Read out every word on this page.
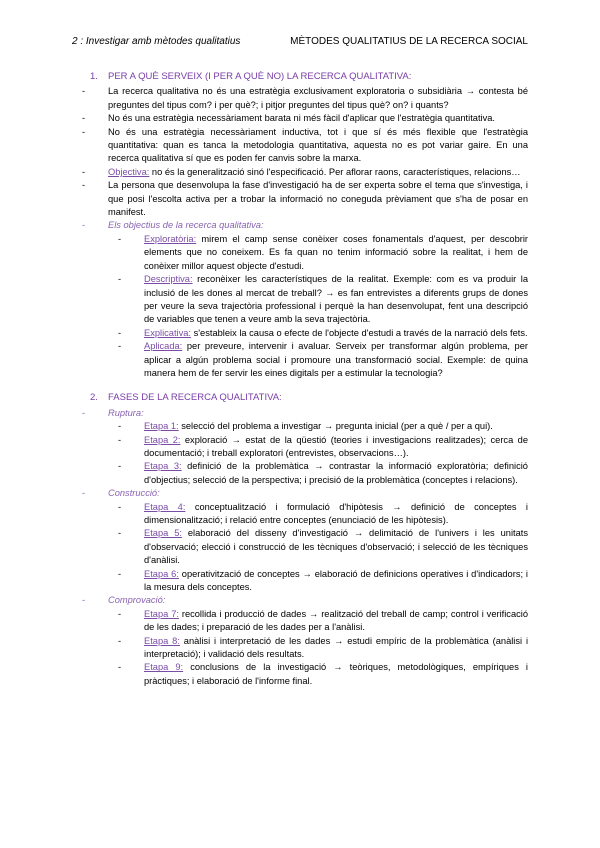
2 : Investigar amb mètodes qualitatius	MÈTODES QUALITATIUS DE LA RECERCA SOCIAL
1.	PER A QUÈ SERVEIX (I PER A QUÈ NO) LA RECERCA QUALITATIVA:
-	La recerca qualitativa no és una estratègia exclusivament exploratoria o subsidiària → contesta bé preguntes del tipus com? i per què?; i pitjor preguntes del tipus què? on? i quants?
-	No és una estratègia necessàriament barata ni més fàcil d'aplicar que l'estratègia quantitativa.
-	No és una estratègia necessàriament inductiva, tot i que sí és més flexible que l'estratègia quantitativa: quan es tanca la metodologia quantitativa, aquesta no es pot variar gaire. En una recerca qualitativa sí que es poden fer canvis sobre la marxa.
-	Objectiva: no és la generalització sinó l'especificació. Per aflorar raons, característiques, relacions…
-	La persona que desenvolupa la fase d'investigació ha de ser experta sobre el tema que s'investiga, i que posi l'escolta activa per a trobar la informació no coneguda prèviament que s'ha de posar en manifest.
-	Els objectius de la recerca qualitativa:
-	Exploratòria: mirem el camp sense conèixer coses fonamentals d'aquest, per descobrir elements que no coneixem. Es fa quan no tenim informació sobre la realitat, i hem de conèixer millor aquest objecte d'estudi.
-	Descriptiva: reconèixer les característiques de la realitat. Exemple: com es va produir la inclusió de les dones al mercat de treball? → es fan entrevistes a diferents grups de dones per veure la seva trajectòria professional i perquè la han desenvolupat, fent una descripció de variables que tenen a veure amb la seva trajectòria.
-	Explicativa: s'estableix la causa o efecte de l'objecte d'estudi a través de la narració dels fets.
-	Aplicada: per preveure, intervenir i avaluar. Serveix per transformar algún problema, per aplicar a algún problema social i promoure una transformació social. Exemple: de quina manera hem de fer servir les eines digitals per a estimular la tecnologia?
2.	FASES DE LA RECERCA QUALITATIVA:
-	Ruptura:
-	Etapa 1: selecció del problema a investigar → pregunta inicial (per a què / per a qui).
-	Etapa 2: exploració → estat de la qüestió (teories i investigacions realitzades); cerca de documentació; i treball exploratori (entrevistes, observacions…).
-	Etapa 3: definició de la problemàtica → contrastar la informació exploratòria; definició d'objectius; selecció de la perspectiva; i precisió de la problemàtica (conceptes i relacions).
-	Construcció:
-	Etapa 4: conceptualització i formulació d'hipòtesis → definició de conceptes i dimensionalització; i relació entre conceptes (enunciació de les hipòtesis).
-	Etapa 5: elaboració del disseny d'investigació → delimitació de l'univers i les unitats d'observació; elecció i construcció de les tècniques d'observació; i selecció de les tècniques d'anàlisi.
-	Etapa 6: operativització de conceptes → elaboració de definicions operatives i d'indicadors; i la mesura dels conceptes.
-	Comprovació:
-	Etapa 7: recollida i producció de dades → realització del treball de camp; control i verificació de les dades; i preparació de les dades per a l'anàlisi.
-	Etapa 8: anàlisi i interpretació de les dades → estudi empíric de la problemàtica (anàlisi i interpretació); i validació dels resultats.
-	Etapa 9: conclusions de la investigació → teòriques, metodològiques, empíriques i pràctiques; i elaboració de l'informe final.
